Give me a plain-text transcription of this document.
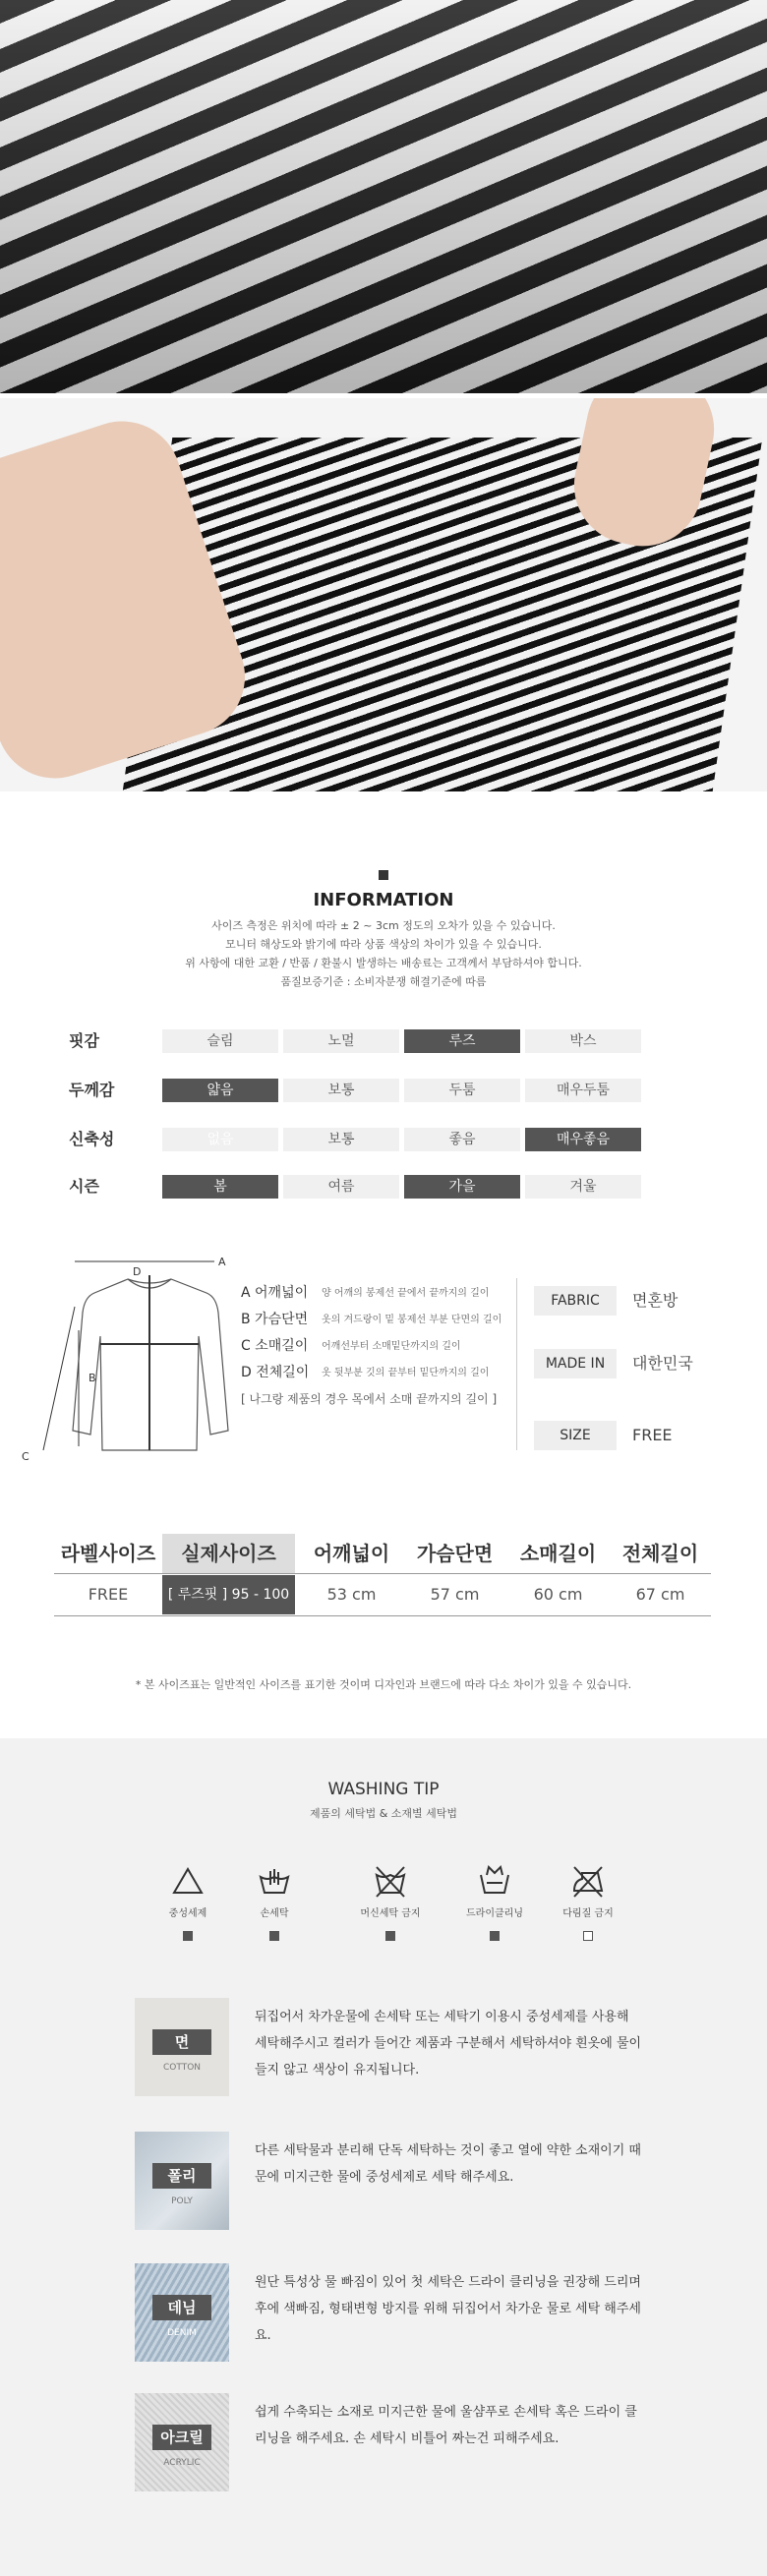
INFORMATION
사이즈 측정은 위치에 따라 ± 2 ~ 3cm 정도의 오차가 있을 수 있습니다.
모니터 해상도와 밝기에 따라 상품 색상의 차이가 있을 수 있습니다.
위 사항에 대한 교환 / 반품 / 환불시 발생하는 배송료는 고객께서 부담하셔야 합니다.
품질보증기준 : 소비자분쟁 해결기준에 따름
핏감	슬림	노멀	루즈	박스
두께감	얇음	보통	두툼	매우두툼
신축성	없음	보통	좋음	매우좋음
시즌	봄	여름	가을	겨울
A
B
C
D
A 어깨넓이	양 어깨의 봉제선 끝에서 끝까지의 길이
B 가슴단면	옷의 겨드랑이 밑 봉제선 부분 단면의 길이
C 소매길이	어깨선부터 소매밑단까지의 길이
D 전체길이	옷 뒷부분 깃의 끝부터 밑단까지의 길이
[ 나그랑 제품의 경우 목에서 소매 끝까지의 길이 ]
FABRIC	면혼방
MADE IN	대한민국
SIZE	FREE
라벨사이즈	실제사이즈	어깨넓이	가슴단면	소매길이	전체길이
FREE	[ 루즈핏 ] 95 - 100	53 cm	57 cm	60 cm	67 cm
* 본 사이즈표는 일반적인 사이즈를 표기한 것이며 디자인과 브랜드에 따라 다소 차이가 있을 수 있습니다.
WASHING TIP
제품의 세탁법 & 소재별 세탁법
중성세제	손세탁	머신세탁 금지	드라이클리닝	다림질 금지
면
COTTON
뒤집어서 차가운물에 손세탁 또는 세탁기 이용시 중성세제를 사용해 세탁해주시고 컬러가 들어간 제품과 구분해서 세탁하셔야 흰옷에 물이 들지 않고 색상이 유지됩니다.
폴리
POLY
다른 세탁물과 분리해 단독 세탁하는 것이 좋고 열에 약한 소재이기 때문에 미지근한 물에 중성세제로 세탁 해주세요.
데님
DENIM
원단 특성상 물 빠짐이 있어 첫 세탁은 드라이 클리닝을 권장해 드리며 후에 색빠짐, 형태변형 방지를 위해 뒤집어서 차가운 물로 세탁 해주세요.
아크릴
ACRYLIC
쉽게 수축되는 소재로 미지근한 물에 울샴푸로 손세탁 혹은 드라이 클리닝을 해주세요. 손 세탁시 비틀어 짜는건 피해주세요.
